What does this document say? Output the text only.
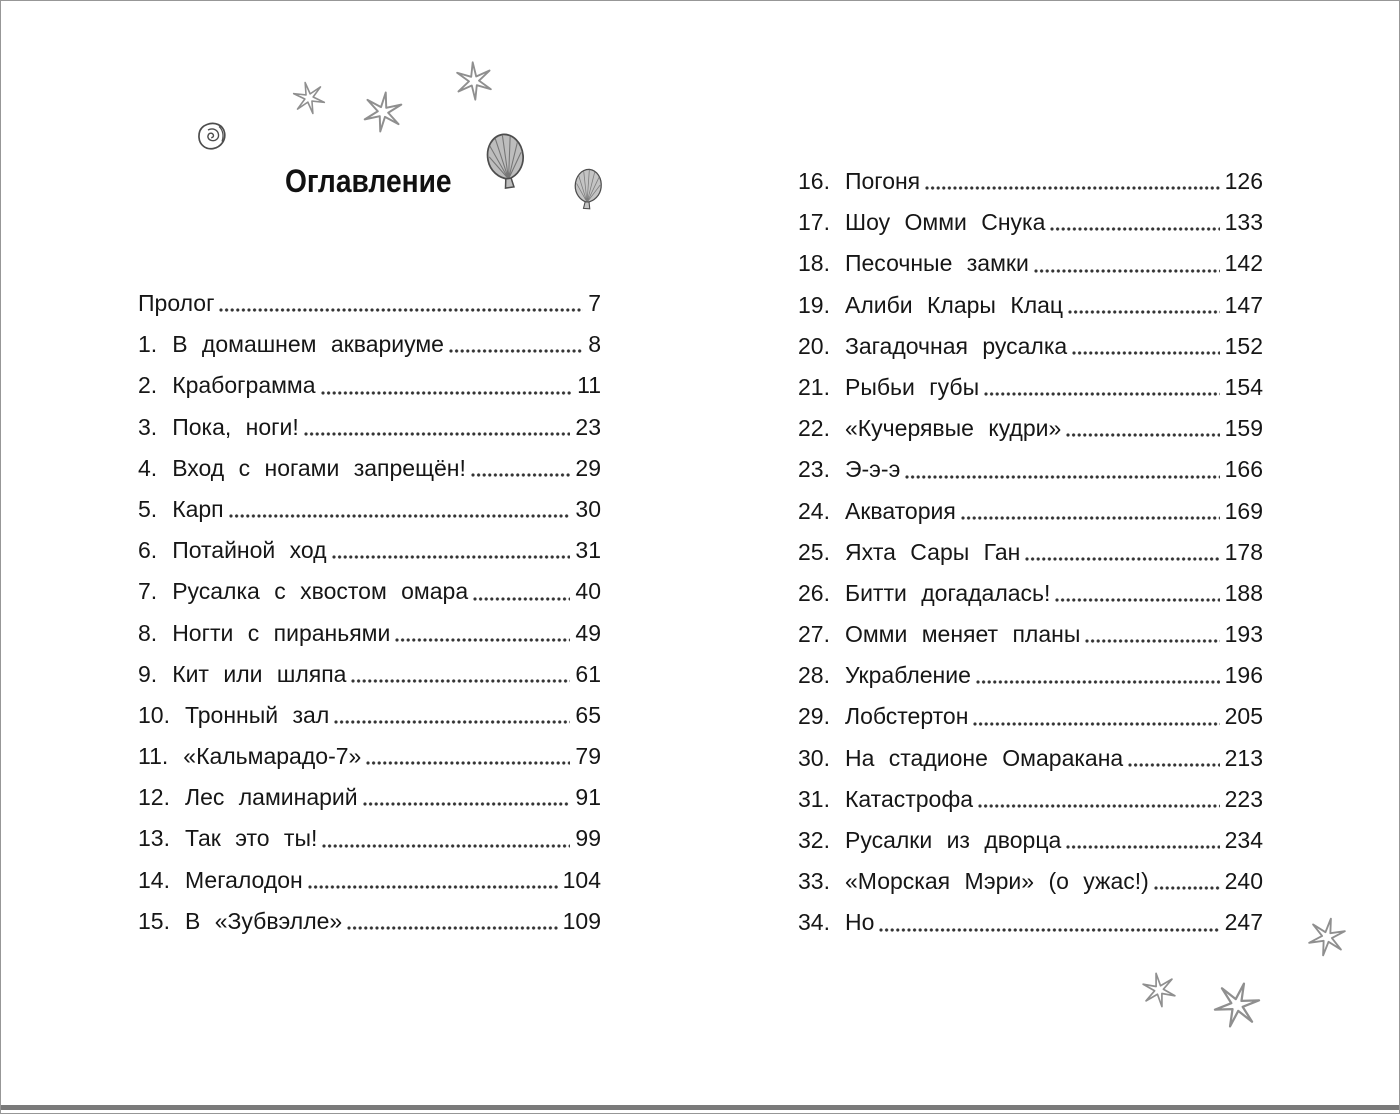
Оглавление
Пролог	7
1. В домашнем аквариуме	8
2. Крабограмма	11
3. Пока, ноги!	23
4. Вход с ногами запрещён!	29
5. Карп	30
6. Потайной ход	31
7. Русалка с хвостом омара	40
8. Ногти с пираньями	49
9. Кит или шляпа	61
10. Тронный зал	65
11. «Кальмарадо-7»	79
12. Лес ламинарий	91
13. Так это ты!	99
14. Мегалодон	104
15. В «Зубвэлле»	109
16. Погоня	126
17. Шоу Омми Снука	133
18. Песочные замки	142
19. Алиби Клары Клац	147
20. Загадочная русалка	152
21. Рыбьи губы	154
22. «Кучерявые кудри»	159
23. Э-э-э	166
24. Акватория	169
25. Яхта Сары Ган	178
26. Битти догадалась!	188
27. Омми меняет планы	193
28. Украбление	196
29. Лобстертон	205
30. На стадионе Омаракана	213
31. Катастрофа	223
32. Русалки из дворца	234
33. «Морская Мэри» (о ужас!)	240
34. Но	247
